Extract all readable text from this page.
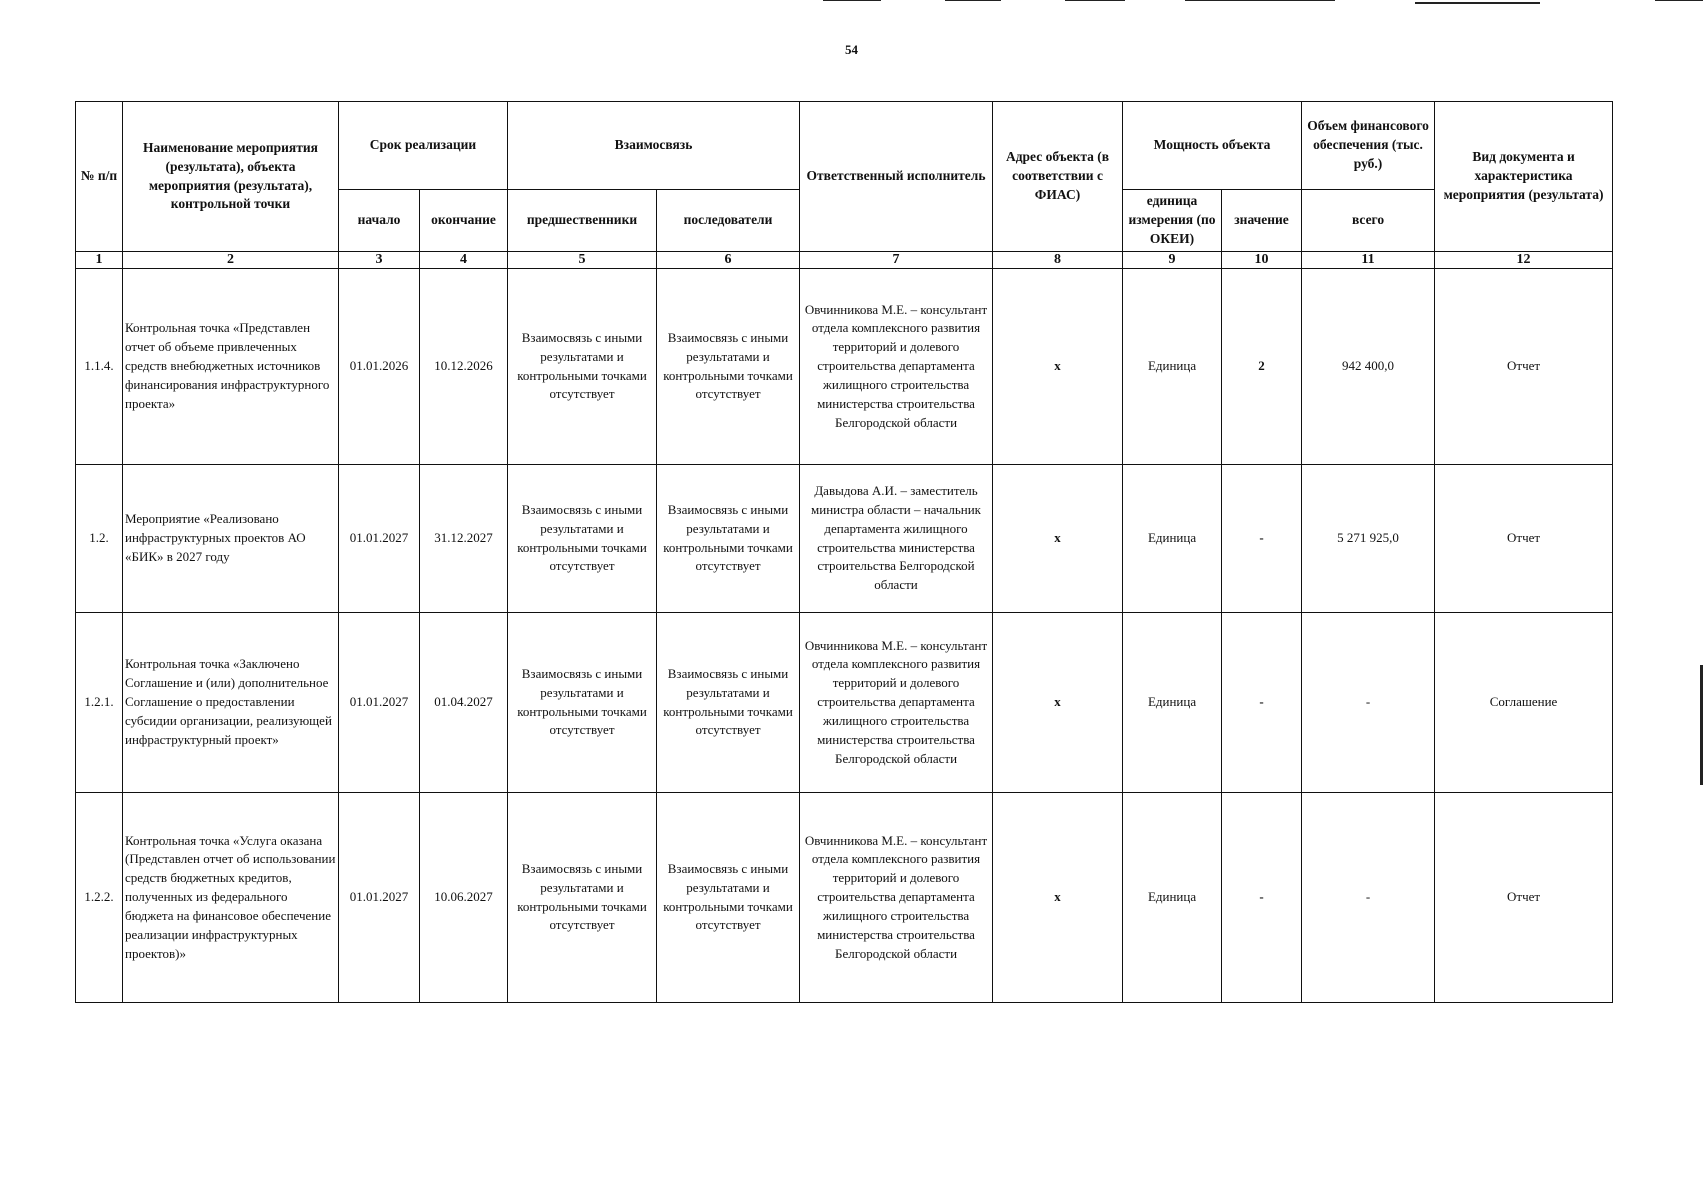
54
№ п/п	Наименование мероприятия (результата), объекта мероприятия (результата), контрольной точки	Срок реализации		Взаимосвязь		Ответственный исполнитель	Адрес объекта (в соответствии с ФИАС)	Мощность объекта		Объем финансового обеспечения (тыс. руб.)	Вид документа и характеристика мероприятия (результата)
		начало	окончание	предшественники	последователи			единица измерения (по ОКЕИ)	значение	всего	
1	2	3	4	5	6	7	8	9	10	11	12
1.1.4.	Контрольная точка «Представлен отчет об объеме привлеченных средств внебюджетных источников финансирования инфраструктурного проекта»	01.01.2026	10.12.2026	Взаимосвязь с иными результатами и контрольными точками отсутствует	Взаимосвязь с иными результатами и контрольными точками отсутствует	Овчинникова М.Е. – консультант отдела комплексного развития территорий и долевого строительства департамента жилищного строительства министерства строительства Белгородской области	x	Единица	2	942 400,0	Отчет
1.2.	Мероприятие «Реализовано инфраструктурных проектов АО «БИК» в 2027 году	01.01.2027	31.12.2027	Взаимосвязь с иными результатами и контрольными точками отсутствует	Взаимосвязь с иными результатами и контрольными точками отсутствует	Давыдова А.И. – заместитель министра области – начальник департамента жилищного строительства министерства строительства Белгородской области	x	Единица	-	5 271 925,0	Отчет
1.2.1.	Контрольная точка «Заключено Соглашение и (или) дополнительное Соглашение о предоставлении субсидии организации, реализующей инфраструктурный проект»	01.01.2027	01.04.2027	Взаимосвязь с иными результатами и контрольными точками отсутствует	Взаимосвязь с иными результатами и контрольными точками отсутствует	Овчинникова М.Е. – консультант отдела комплексного развития территорий и долевого строительства департамента жилищного строительства министерства строительства Белгородской области	x	Единица	-	-	Соглашение
1.2.2.	Контрольная точка «Услуга оказана (Представлен отчет об использовании средств бюджетных кредитов, полученных из федерального бюджета на финансовое обеспечение реализации инфраструктурных проектов)»	01.01.2027	10.06.2027	Взаимосвязь с иными результатами и контрольными точками отсутствует	Взаимосвязь с иными результатами и контрольными точками отсутствует	Овчинникова М.Е. – консультант отдела комплексного развития территорий и долевого строительства департамента жилищного строительства министерства строительства Белгородской области	x	Единица	-	-	Отчет
